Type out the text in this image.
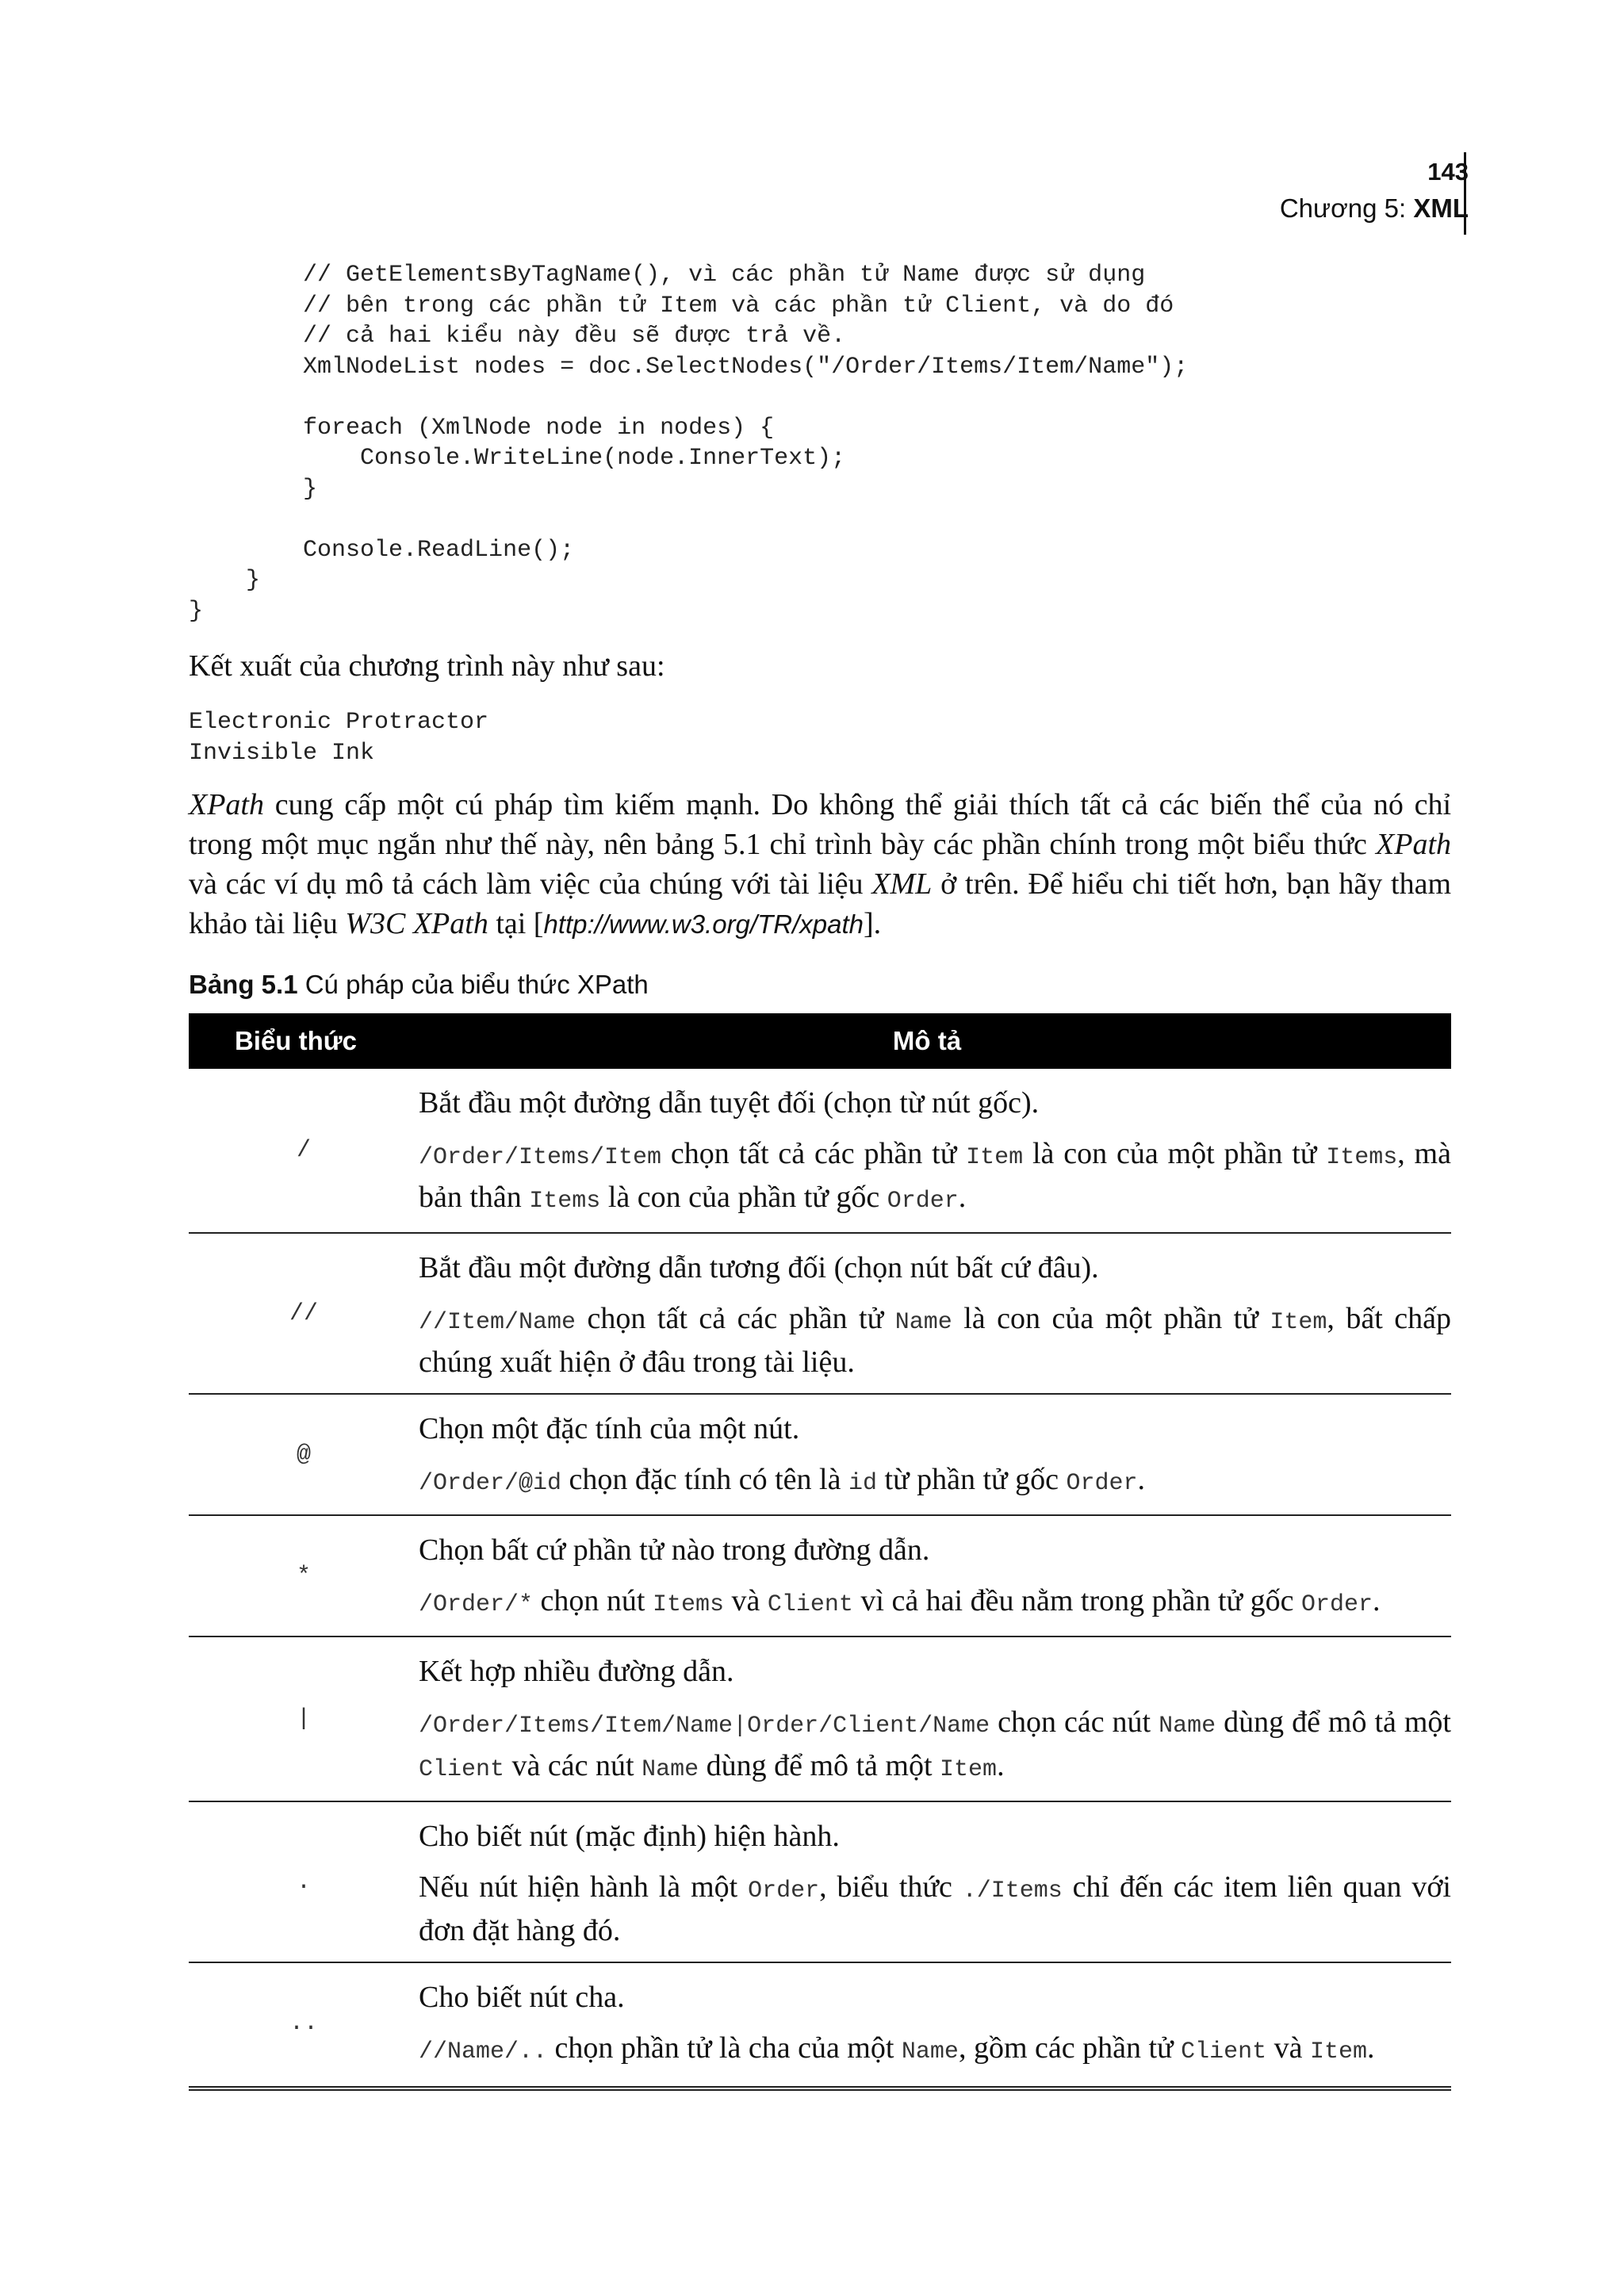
143
Chương 5: XML
// GetElementsByTagName(), vì các phần tử Name được sử dụng
// bên trong các phần tử Item và các phần tử Client, và do đó
// cả hai kiểu này đều sẽ được trả về.
XmlNodeList nodes = doc.SelectNodes("/Order/Items/Item/Name");

foreach (XmlNode node in nodes) {
Console.WriteLine(node.InnerText);
}

Console.ReadLine();
}
}

Kết xuất của chương trình này như sau:

Electronic Protractor
Invisible Ink

XPath cung cấp một cú pháp tìm kiếm mạnh. Do không thể giải thích tất cả các biến thể của nó chỉ trong một mục ngắn như thế này, nên bảng 5.1 chỉ trình bày các phần chính trong một biểu thức XPath và các ví dụ mô tả cách làm việc của chúng với tài liệu XML ở trên. Để hiểu chi tiết hơn, bạn hãy tham khảo tài liệu W3C XPath tại [http://www.w3.org/TR/xpath].

Bảng 5.1 Cú pháp của biểu thức XPath
Biểu thức	Mô tả
/

Bắt đầu một đường dẫn tuyệt đối (chọn từ nút gốc).

/Order/Items/Item chọn tất cả các phần tử Item là con của một phần tử Items, mà bản thân Items là con của phần tử gốc Order.

//

Bắt đầu một đường dẫn tương đối (chọn nút bất cứ đâu).

//Item/Name chọn tất cả các phần tử Name là con của một phần tử Item, bất chấp chúng xuất hiện ở đâu trong tài liệu.

@

Chọn một đặc tính của một nút.

/Order/@id chọn đặc tính có tên là id từ phần tử gốc Order.

*

Chọn bất cứ phần tử nào trong đường dẫn.

/Order/* chọn nút Items và Client vì cả hai đều nằm trong phần tử gốc Order.

|

Kết hợp nhiều đường dẫn.

/Order/Items/Item/Name|Order/Client/Name chọn các nút Name dùng để mô tả một Client và các nút Name dùng để mô tả một Item.

.

Cho biết nút (mặc định) hiện hành.

Nếu nút hiện hành là một Order, biểu thức ./Items chỉ đến các item liên quan với đơn đặt hàng đó.

..

Cho biết nút cha.

//Name/.. chọn phần tử là cha của một Name, gồm các phần tử Client và Item.
